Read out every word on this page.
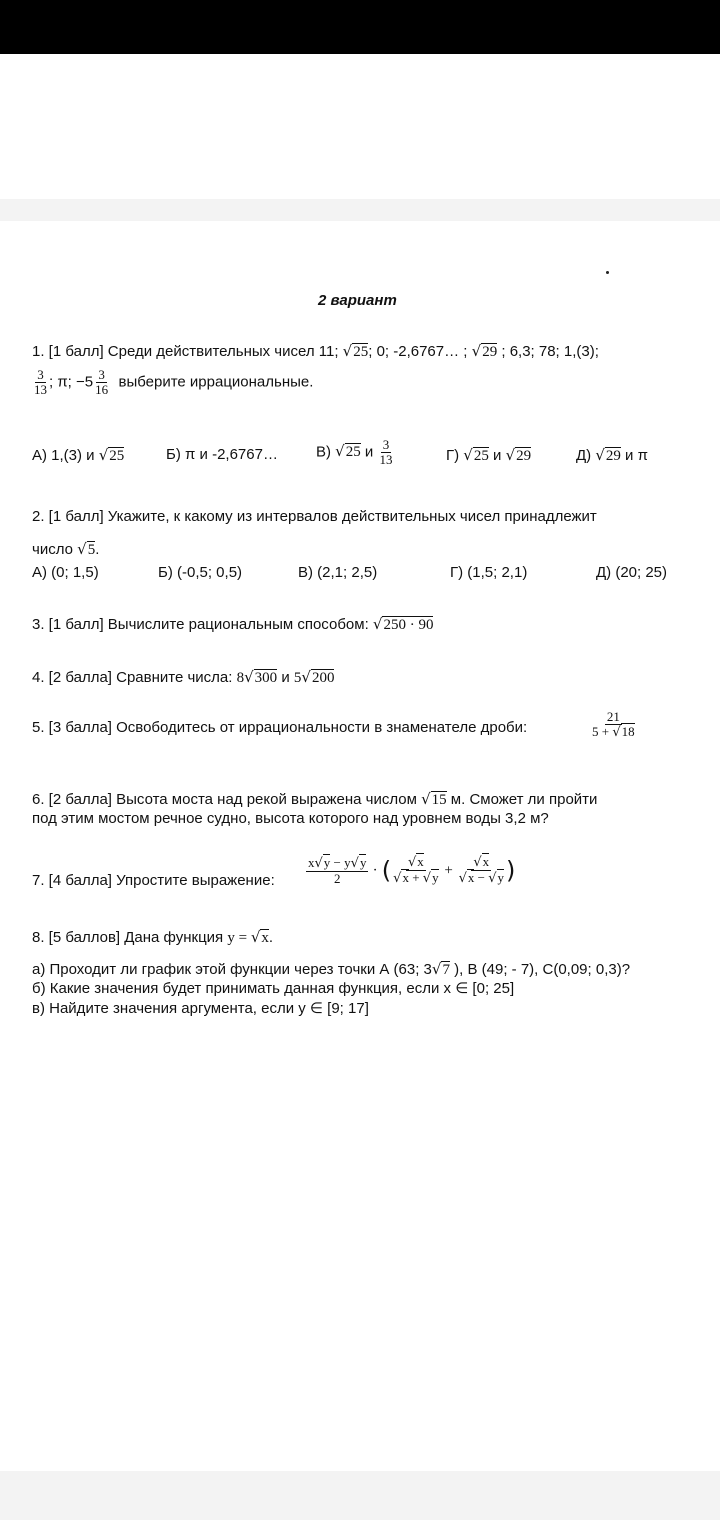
2 вариант
1. [1 балл] Среди действительных чисел 11; √25; 0; -2,6767… ; √29 ; 6,3; 78; 1,(3);
$\frac{3}{13}$ ; π; $-5 \frac{3}{16}$ выберите иррациональные.
А) 1,(3) и √25	Б) π и -2,6767…	В) √25 и $\frac{3}{13}$	Г) √25 и √29	Д) √29 и π
2. [1 балл] Укажите, к какому из интервалов действительных чисел принадлежит
число √5.
А) (0; 1,5)	Б) (-0,5; 0,5)	В) (2,1; 2,5)	Г) (1,5; 2,1)	Д) (20; 25)
3. [1 балл] Вычислите рациональным способом: √250 · 90
4. [2 балла] Сравните числа: 8√300 и 5√200
5. [3 балла] Освободитесь от иррациональности в знаменателе дроби:	$\frac{21}{5 + √18}$
6. [2 балла] Высота моста над рекой выражена числом √15 м. Сможет ли пройти
под этим мостом речное судно, высота которого над уровнем воды 3,2 м?
7. [4 балла] Упростите выражение: $\frac{x√y - y√y}{2}$ · ( $\frac{√x}{√x + √y} + \frac{√x}{√x - √y}$ )
8. [5 баллов] Дана функция y = √x.
а) Проходит ли график этой функции через точки А (63; 3√7 ), В (49; - 7), С(0,09; 0,3)?
б) Какие значения будет принимать данная функция, если x ∈ [0; 25]
в) Найдите значения аргумента, если y ∈ [9; 17]
